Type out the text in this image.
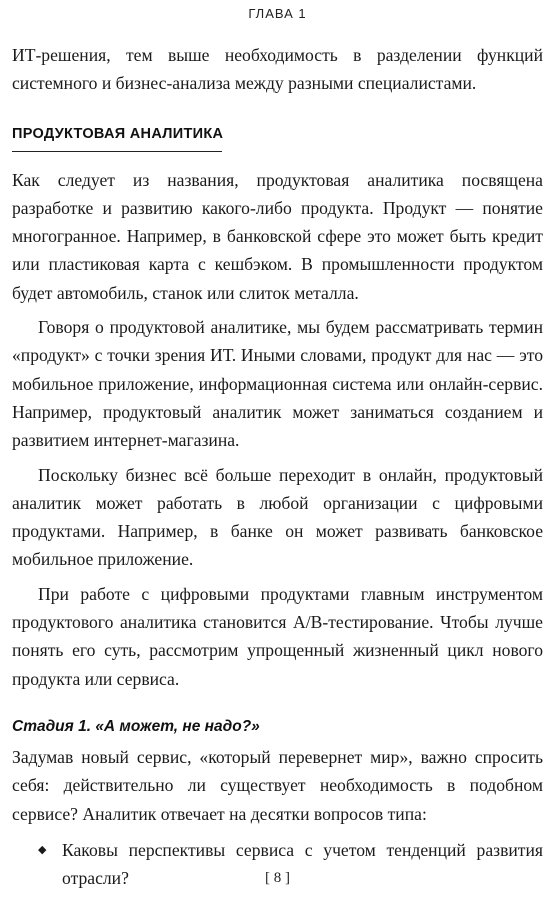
ГЛАВА 1

ИТ-решения, тем выше необходимость в разделении функций системного и бизнес-анализа между разными специалистами.

ПРОДУКТОВАЯ АНАЛИТИКА

Как следует из названия, продуктовая аналитика посвящена разработке и развитию какого-либо продукта. Продукт — понятие многогранное. Например, в банковской сфере это может быть кредит или пластиковая карта с кешбэком. В промышленности продуктом будет автомобиль, станок или слиток металла.

Говоря о продуктовой аналитике, мы будем рассматривать термин «продукт» с точки зрения ИТ. Иными словами, продукт для нас — это мобильное приложение, информационная система или онлайн-сервис. Например, продуктовый аналитик может заниматься созданием и развитием интернет-магазина.

Поскольку бизнес всё больше переходит в онлайн, продуктовый аналитик может работать в любой организации с цифровыми продуктами. Например, в банке он может развивать банковское мобильное приложение.

При работе с цифровыми продуктами главным инструментом продуктового аналитика становится A/B-тестирование. Чтобы лучше понять его суть, рассмотрим упрощенный жизненный цикл нового продукта или сервиса.

Стадия 1. «А может, не надо?»

Задумав новый сервис, «который перевернет мир», важно спросить себя: действительно ли существует необходимость в подобном сервисе? Аналитик отвечает на десятки вопросов типа:

◆ Каковы перспективы сервиса с учетом тенденций развития отрасли?	[ 8 ]
